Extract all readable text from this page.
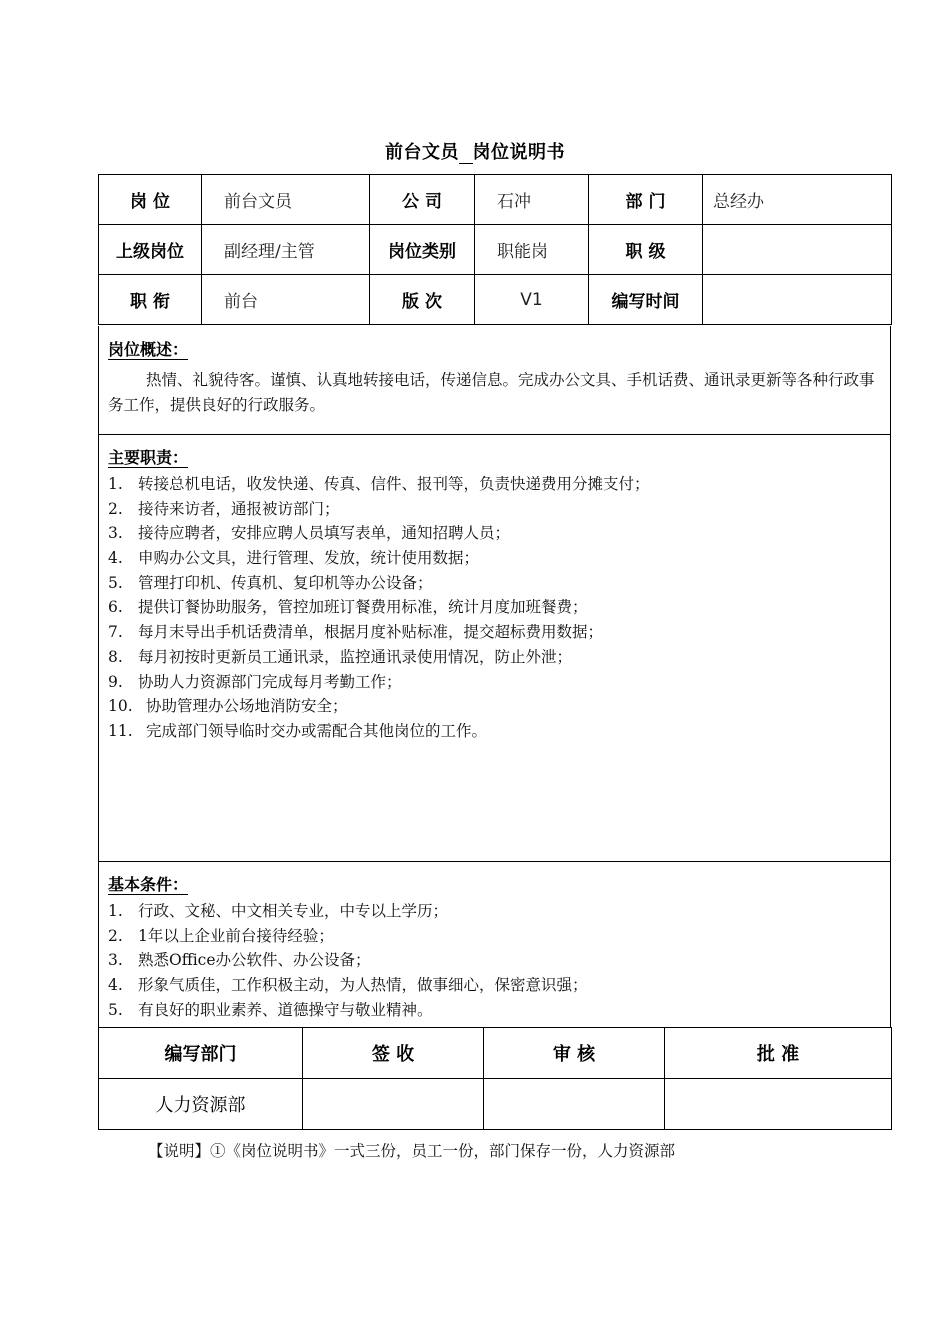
前台文员 岗位说明书
岗 位	前台文员	公 司	石冲	部 门	总经办
上级岗位	副经理/主管	岗位类别	职能岗	职 级	
职 衔	前台	版 次	V1	编写时间	
岗位概述：
热情、礼貌待客。谨慎、认真地转接电话，传递信息。完成办公文具、手机话费、通讯录更新等各种行政事务工作，提供良好的行政服务。
主要职责：
1. 转接总机电话，收发快递、传真、信件、报刊等，负责快递费用分摊支付；
2. 接待来访者，通报被访部门；
3. 接待应聘者，安排应聘人员填写表单，通知招聘人员；
4. 申购办公文具，进行管理、发放，统计使用数据；
5. 管理打印机、传真机、复印机等办公设备；
6. 提供订餐协助服务，管控加班订餐费用标准，统计月度加班餐费；
7. 每月末导出手机话费清单，根据月度补贴标准，提交超标费用数据；
8. 每月初按时更新员工通讯录，监控通讯录使用情况，防止外泄；
9. 协助人力资源部门完成每月考勤工作；
10. 协助管理办公场地消防安全；
11. 完成部门领导临时交办或需配合其他岗位的工作。
基本条件：
1. 行政、文秘、中文相关专业，中专以上学历；
2. 1年以上企业前台接待经验；
3. 熟悉Office办公软件、办公设备；
4. 形象气质佳，工作积极主动，为人热情，做事细心，保密意识强；
5. 有良好的职业素养、道德操守与敬业精神。
编写部门	签 收	审 核	批 准
人力资源部			
【说明】①《岗位说明书》一式三份，员工一份，部门保存一份，人力资源部
